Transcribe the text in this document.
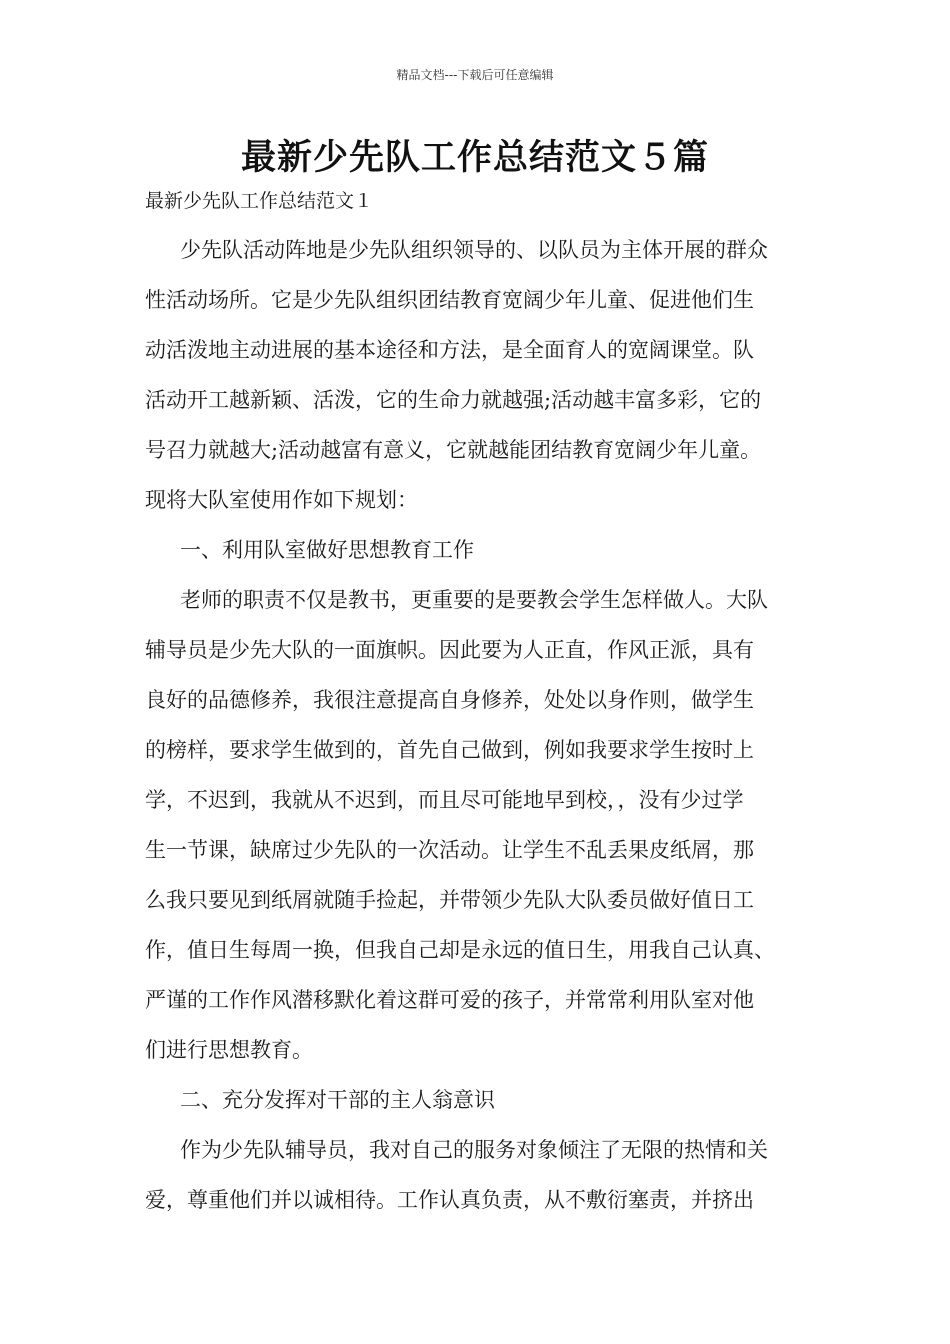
精品文档---下载后可任意编辑
最新少先队工作总结范文５篇
最新少先队工作总结范文１
少先队活动阵地是少先队组织领导的、以队员为主体开展的群众
性活动场所。它是少先队组织团结教育宽阔少年儿童、促进他们生
动活泼地主动进展的基本途径和方法，是全面育人的宽阔课堂。队
活动开工越新颖、活泼，它的生命力就越强;活动越丰富多彩，它的
号召力就越大;活动越富有意义，它就越能团结教育宽阔少年儿童。
现将大队室使用作如下规划：
一、利用队室做好思想教育工作
老师的职责不仅是教书，更重要的是要教会学生怎样做人。大队
辅导员是少先大队的一面旗帜。因此要为人正直，作风正派，具有
良好的品德修养，我很注意提高自身修养，处处以身作则，做学生
的榜样，要求学生做到的，首先自己做到，例如我要求学生按时上
学，不迟到，我就从不迟到，而且尽可能地早到校，，没有少过学
生一节课，缺席过少先队的一次活动。让学生不乱丢果皮纸屑，那
么我只要见到纸屑就随手捡起，并带领少先队大队委员做好值日工
作，值日生每周一换，但我自己却是永远的值日生，用我自己认真、
严谨的工作作风潜移默化着这群可爱的孩子，并常常利用队室对他
们进行思想教育。
二、充分发挥对干部的主人翁意识
作为少先队辅导员，我对自己的服务对象倾注了无限的热情和关
爱，尊重他们并以诚相待。工作认真负责，从不敷衍塞责，并挤出
